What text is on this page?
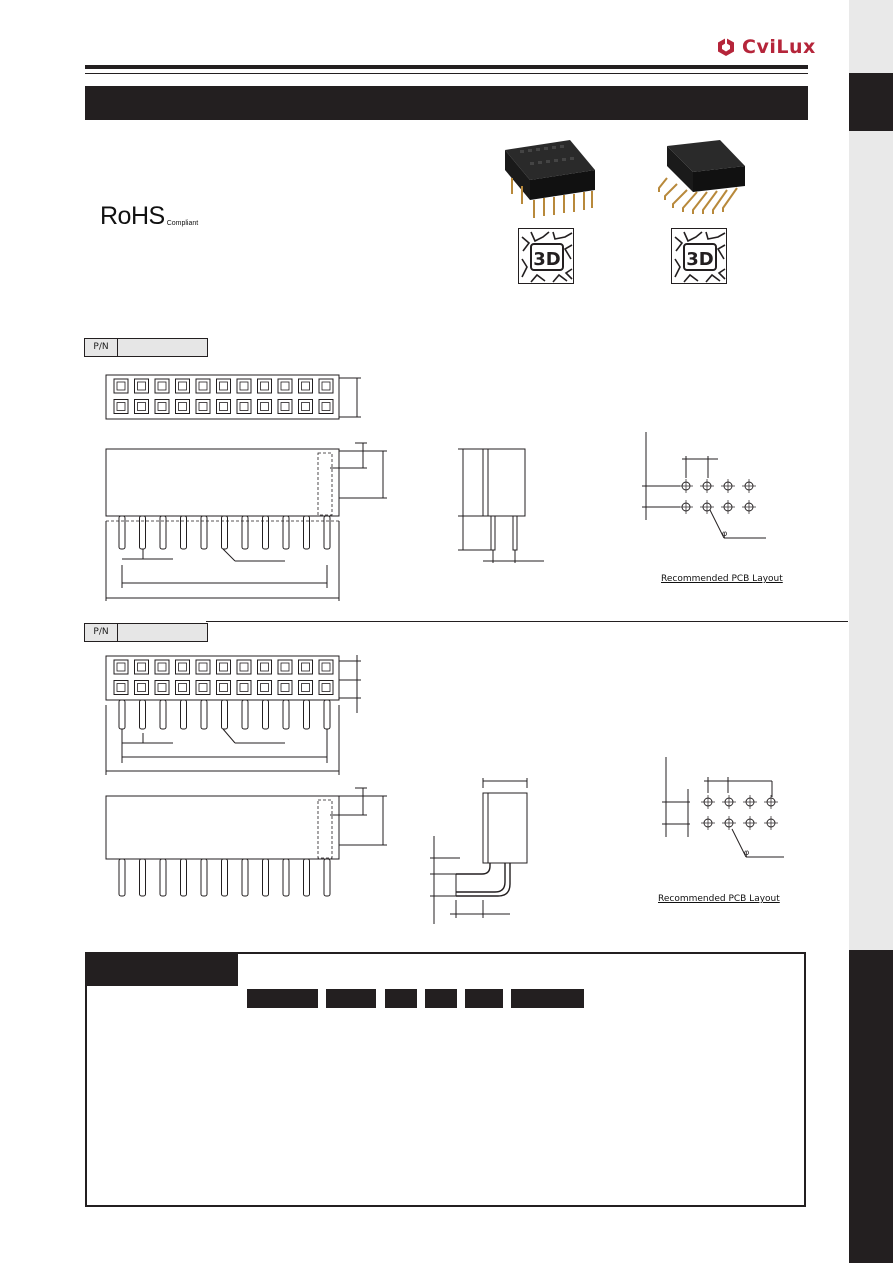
CviLux
RoHS Compliant
3D	3D
P/N
φ
Recommended PCB Layout
P/N
φ
Recommended PCB Layout
